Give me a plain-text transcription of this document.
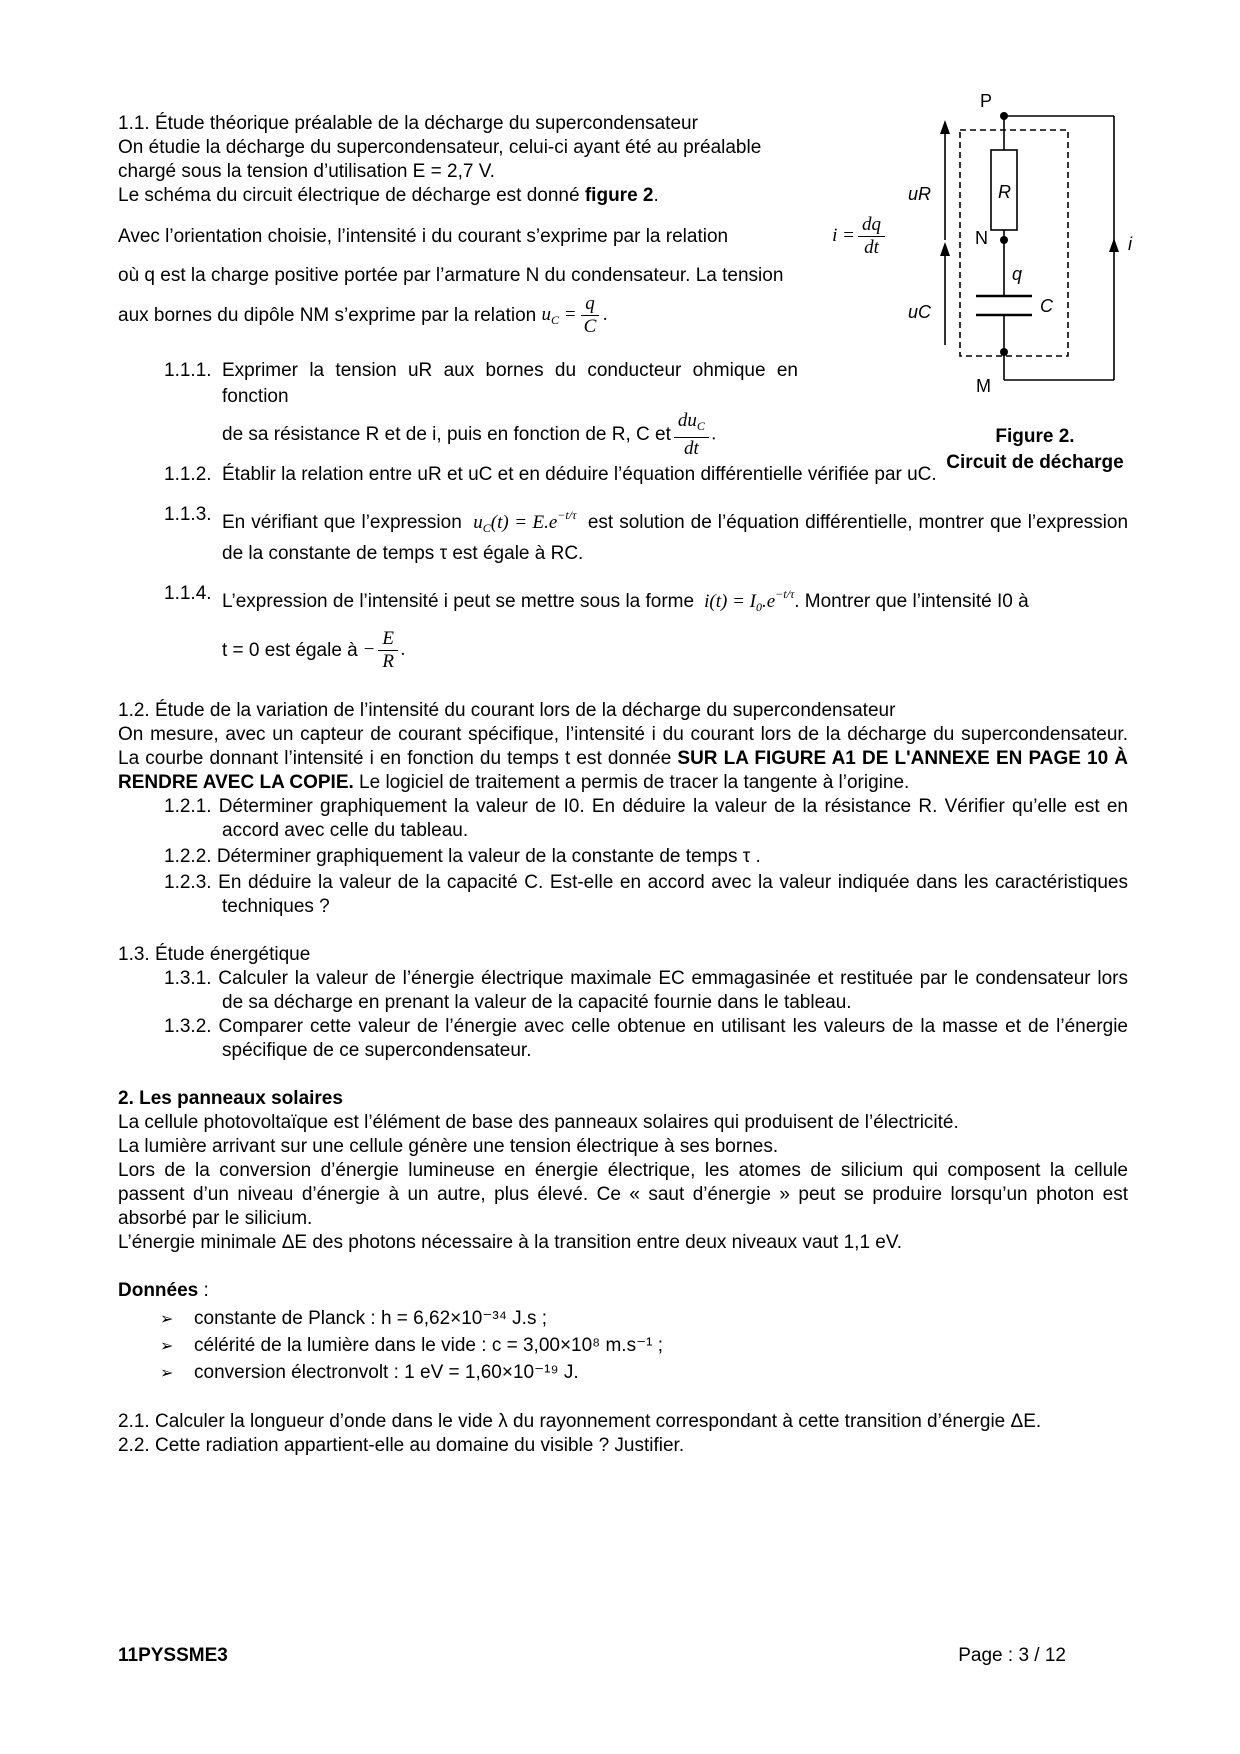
P
R
N
q
C
M
i
uR
uC
Figure 2.
Circuit de décharge

1.1. Étude théorique préalable de la décharge du supercondensateur

On étudie la décharge du supercondensateur, celui-ci ayant été au préalable

chargé sous la tension d’utilisation E = 2,7 V.

Le schéma du circuit électrique de décharge est donné figure 2.

Avec l’orientation choisie, l’intensité i du courant s’exprime par la relation	$i = \frac{dq}{dt}$

où q est la charge positive portée par l’armature N du condensateur. La tension

aux bornes du dipôle NM s’exprime par la relation
$u_C = \frac{q}{C}$ .

1.1.1. Exprimer la tension uR aux bornes du conducteur ohmique en fonction
de sa résistance R et de i, puis en fonction de R, C et $\frac{du_C}{dt}$ .
1.1.2. Établir la relation entre uR et uC et en déduire l’équation différentielle vérifiée par uC.
1.1.3. En vérifiant que l’expression  $u_C(t) = E.e^{-t/\tau}$ est solution de l’équation différentielle, montrer que l’expression de la constante de temps τ est égale à RC.
1.1.4. L’expression de l’intensité i peut se mettre sous la forme  $i(t) = I_0.e^{-t/\tau}$. Montrer que l’intensité I0 à

t = 0 est égale à − $\frac{E}{R}$ .

1.2. Étude de la variation de l’intensité du courant lors de la décharge du supercondensateur

On mesure, avec un capteur de courant spécifique, l’intensité i du courant lors de la décharge du supercondensateur. La courbe donnant l’intensité i en fonction du temps t est donnée SUR LA FIGURE A1 DE L'ANNEXE EN PAGE 10 À RENDRE AVEC LA COPIE. Le logiciel de traitement a permis de tracer la tangente à l’origine.

1.2.1. Déterminer graphiquement la valeur de I0. En déduire la valeur de la résistance R. Vérifier qu’elle est en accord avec celle du tableau.

1.2.2. Déterminer graphiquement la valeur de la constante de temps τ .

1.2.3. En déduire la valeur de la capacité C. Est-elle en accord avec la valeur indiquée dans les caractéristiques techniques ?

1.3. Étude énergétique

1.3.1. Calculer la valeur de l’énergie électrique maximale EC emmagasinée et restituée par le condensateur lors de sa décharge en prenant la valeur de la capacité fournie dans le tableau.

1.3.2. Comparer cette valeur de l’énergie avec celle obtenue en utilisant les valeurs de la masse et de l’énergie spécifique de ce supercondensateur.

2. Les panneaux solaires

La cellule photovoltaïque est l’élément de base des panneaux solaires qui produisent de l’électricité.

La lumière arrivant sur une cellule génère une tension électrique à ses bornes.

Lors de la conversion d’énergie lumineuse en énergie électrique, les atomes de silicium qui composent la cellule passent d’un niveau d’énergie à un autre, plus élevé. Ce « saut d’énergie » peut se produire lorsqu’un photon est absorbé par le silicium.

L’énergie minimale ΔE des photons nécessaire à la transition entre deux niveaux vaut 1,1 eV.

Données :

➢ constante de Planck : h = 6,62×10⁻³⁴ J.s ;
➢ célérité de la lumière dans le vide : c = 3,00×10⁸ m.s⁻¹ ;
➢ conversion électronvolt : 1 eV = 1,60×10⁻¹⁹ J.

2.1. Calculer la longueur d’onde dans le vide λ du rayonnement correspondant à cette transition d’énergie ΔE.

2.2. Cette radiation appartient-elle au domaine du visible ? Justifier.

11PYSSME3	Page : 3 / 12
